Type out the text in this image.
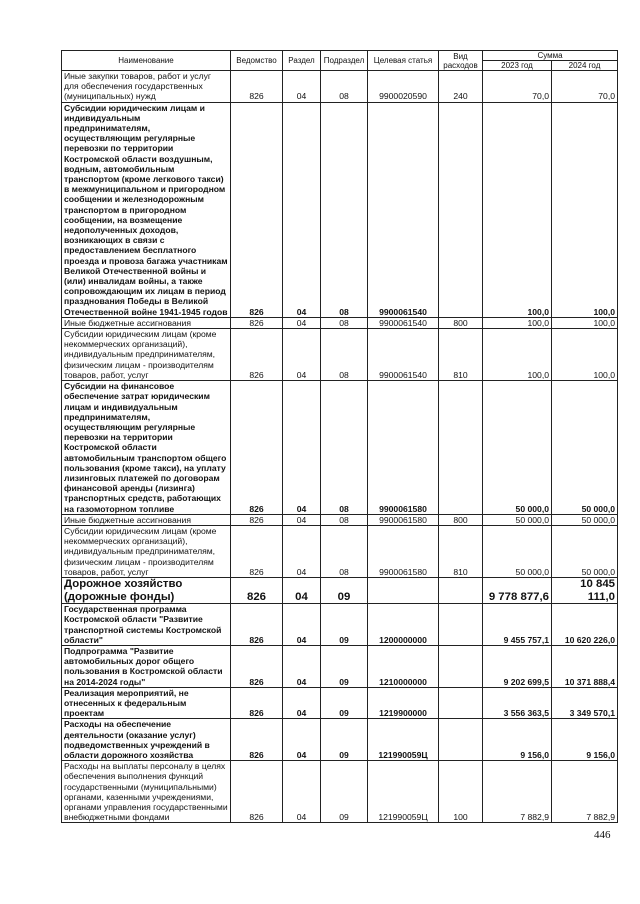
Наименование	Ведомство	Раздел	Подраздел	Целевая статья	Вид расходов	Сумма	
						2023 год	2024 год
Иные закупки товаров, работ и услуг для обеспечения государственных (муниципальных) нужд	826	04	08	9900020590	240	70,0	70,0
Субсидии юридическим лицам и индивидуальным предпринимателям, осуществляющим регулярные перевозки по территории Костромской области воздушным, водным, автомобильным транспортом (кроме легкового такси) в межмуниципальном и пригородном сообщении и железнодорожным транспортом в пригородном сообщении, на возмещение недополученных доходов, возникающих в связи с предоставлением бесплатного проезда и провоза багажа участникам Великой Отечественной войны и (или) инвалидам войны, а также сопровождающим их лицам в период празднования Победы в Великой Отечественной войне 1941-1945 годов	826	04	08	9900061540		100,0	100,0
Иные бюджетные ассигнования	826	04	08	9900061540	800	100,0	100,0
Субсидии юридическим лицам (кроме некоммерческих организаций), индивидуальным предпринимателям, физическим лицам - производителям товаров, работ, услуг	826	04	08	9900061540	810	100,0	100,0
Субсидии на финансовое обеспечение затрат юридическим лицам и индивидуальным предпринимателям, осуществляющим регулярные перевозки на территории Костромской области автомобильным транспортом общего пользования (кроме такси), на уплату лизинговых платежей по договорам финансовой аренды (лизинга) транспортных средств, работающих на газомоторном топливе	826	04	08	9900061580		50 000,0	50 000,0
Иные бюджетные ассигнования	826	04	08	9900061580	800	50 000,0	50 000,0
Субсидии юридическим лицам (кроме некоммерческих организаций), индивидуальным предпринимателям, физическим лицам - производителям товаров, работ, услуг	826	04	08	9900061580	810	50 000,0	50 000,0
Дорожное хозяйство (дорожные фонды)	826	04	09			9 778 877,6	10 845 111,0
Государственная программа Костромской области "Развитие транспортной системы Костромской области"	826	04	09	1200000000		9 455 757,1	10 620 226,0
Подпрограмма "Развитие автомобильных дорог общего пользования в Костромской области на 2014-2024 годы"	826	04	09	1210000000		9 202 699,5	10 371 888,4
Реализация мероприятий, не отнесенных к федеральным проектам	826	04	09	1219900000		3 556 363,5	3 349 570,1
Расходы на обеспечение деятельности (оказание услуг) подведомственных учреждений в области дорожного хозяйства	826	04	09	121990059Ц		9 156,0	9 156,0
Расходы на выплаты персоналу в целях обеспечения выполнения функций государственными (муниципальными) органами, казенными учреждениями, органами управления государственными внебюджетными фондами	826	04	09	121990059Ц	100	7 882,9	7 882,9
446
